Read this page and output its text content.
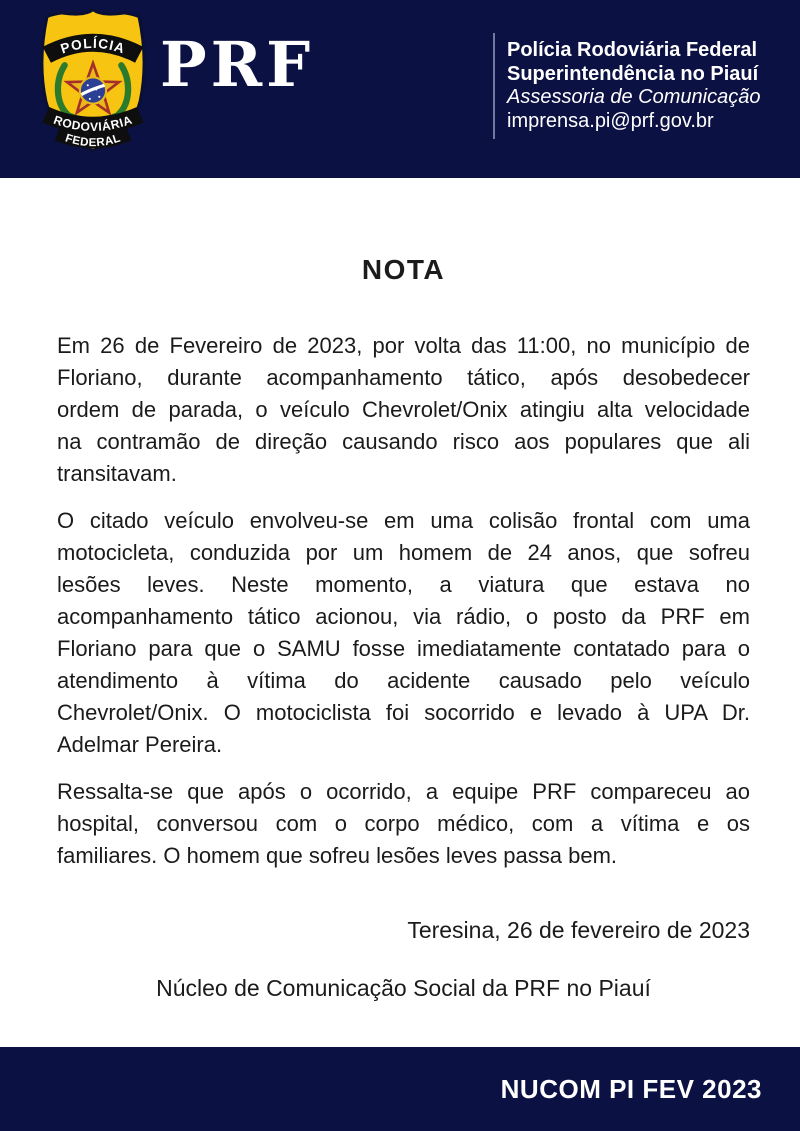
POLÍCIA
RODOVIÁRIA
FEDERAL
PRF	Polícia Rodoviária Federal
Superintendência no Piauí
Assessoria de Comunicação
imprensa.pi@prf.gov.br
NOTA
Em 26 de Fevereiro de 2023, por volta das 11:00, no município de
Floriano, durante acompanhamento tático, após desobedecer
ordem de parada, o veículo Chevrolet/Onix atingiu alta velocidade
na contramão de direção causando risco aos populares que ali
transitavam.
O citado veículo envolveu-se em uma colisão frontal com uma
motocicleta, conduzida por um homem de 24 anos, que sofreu
lesões leves. Neste momento, a viatura que estava no
acompanhamento tático acionou, via rádio, o posto da PRF em
Floriano para que o SAMU fosse imediatamente contatado para o
atendimento à vítima do acidente causado pelo veículo
Chevrolet/Onix. O motociclista foi socorrido e levado à UPA Dr.
Adelmar Pereira.
Ressalta-se que após o ocorrido, a equipe PRF compareceu ao
hospital, conversou com o corpo médico, com a vítima e os
familiares. O homem que sofreu lesões leves passa bem.
Teresina, 26 de fevereiro de 2023
Núcleo de Comunicação Social da PRF no Piauí
NUCOM PI FEV 2023
